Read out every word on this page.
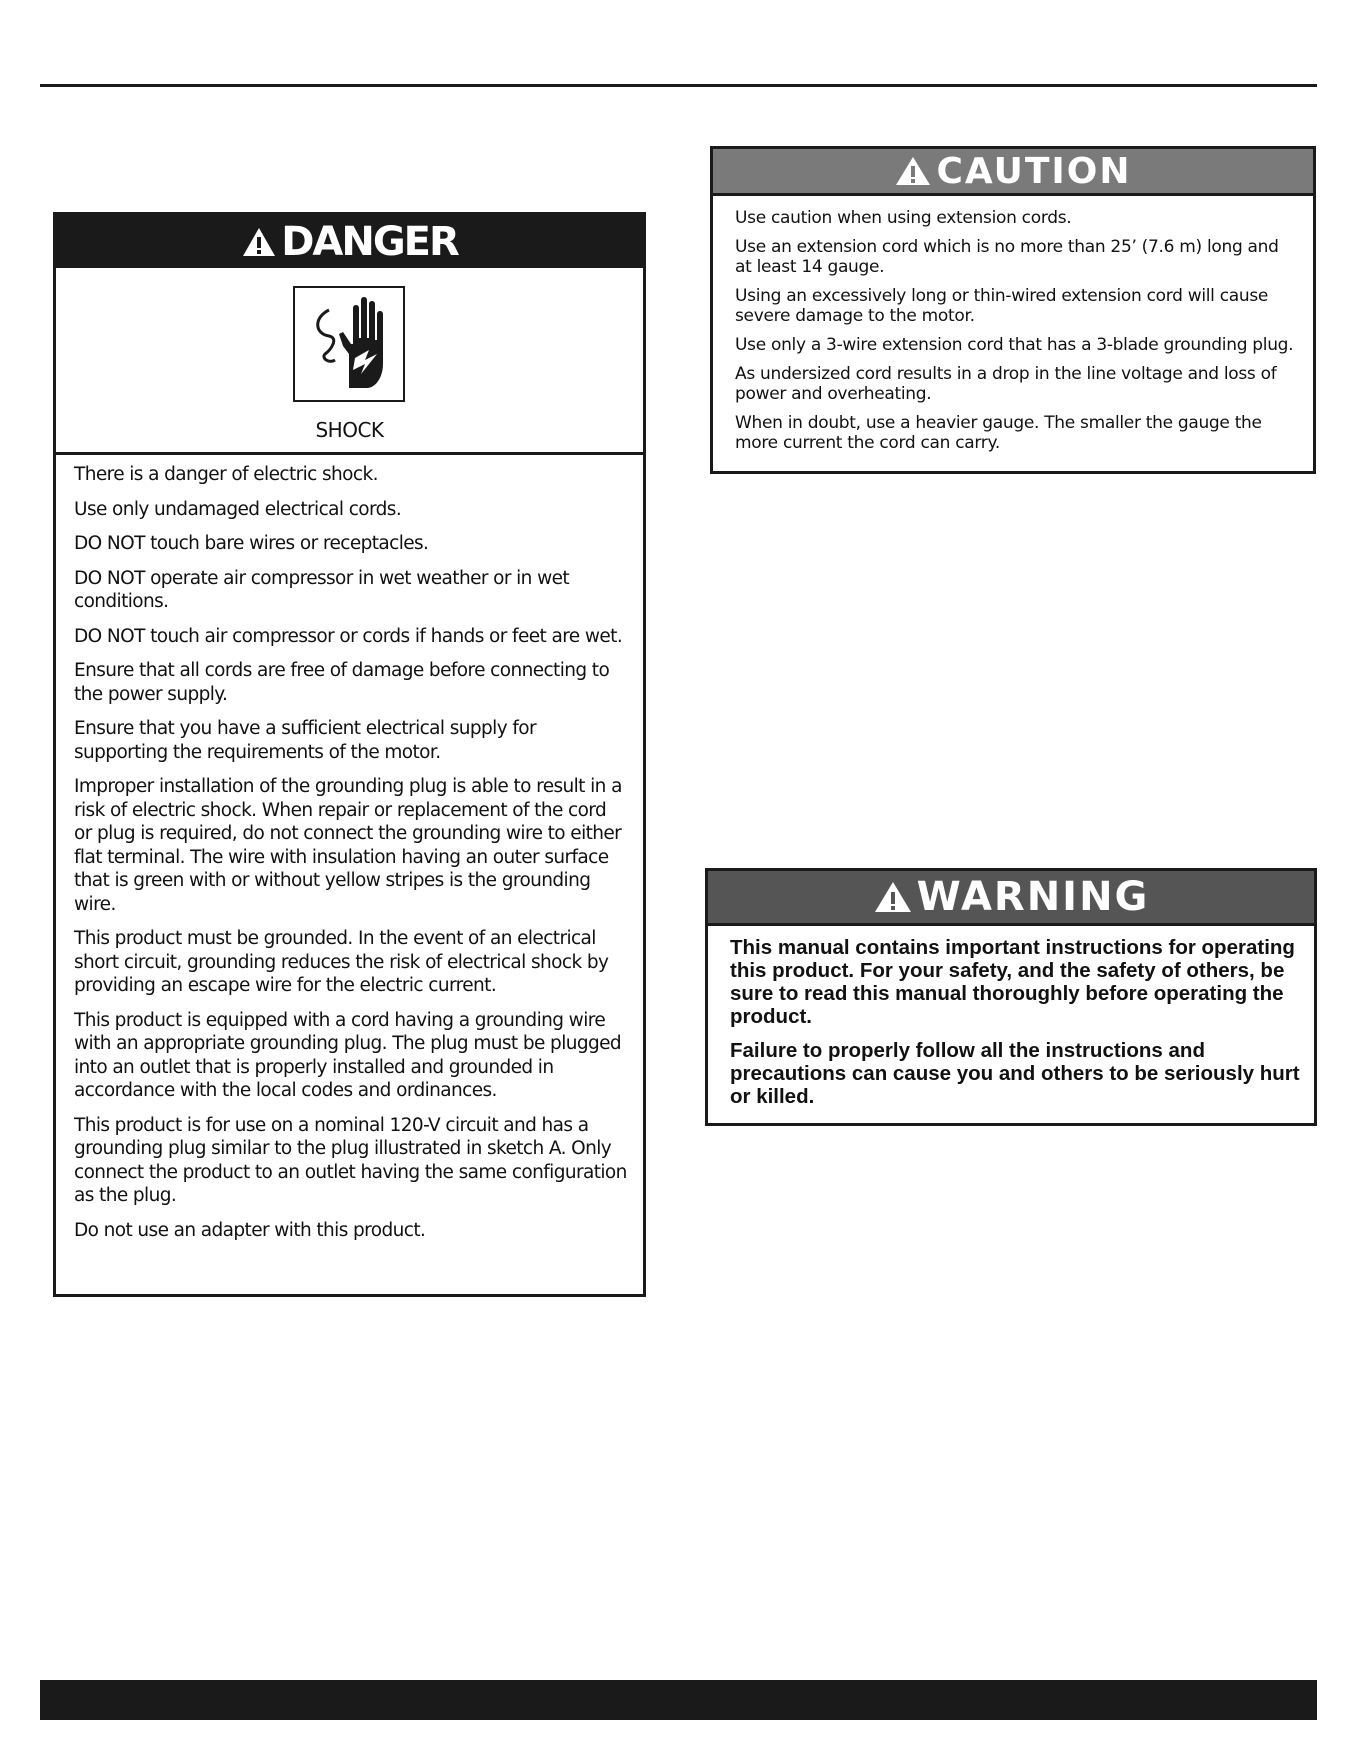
DANGER
SHOCK

There is a danger of electric shock.

Use only undamaged electrical cords.

DO NOT touch bare wires or receptacles.

DO NOT operate air compressor in wet weather or in wet conditions.

DO NOT touch air compressor or cords if hands or feet are wet.

Ensure that all cords are free of damage before connecting to the power supply.

Ensure that you have a sufficient electrical supply for supporting the requirements of the motor.

Improper installation of the grounding plug is able to result in a risk of electric shock. When repair or replacement of the cord or plug is required, do not connect the grounding wire to either flat terminal. The wire with insulation having an outer surface that is green with or without yellow stripes is the grounding wire.

This product must be grounded. In the event of an electrical short circuit, grounding reduces the risk of electrical shock by providing an escape wire for the electric current.

This product is equipped with a cord having a grounding wire with an appropriate grounding plug. The plug must be plugged into an outlet that is properly installed and grounded in accordance with the local codes and ordinances.

This product is for use on a nominal 120-V circuit and has a grounding plug similar to the plug illustrated in sketch A. Only connect the product to an outlet having the same configuration as the plug.

Do not use an adapter with this product.

CAUTION

Use caution when using extension cords.

Use an extension cord which is no more than 25’ (7.6 m) long and at least 14 gauge.

Using an excessively long or thin-wired extension cord will cause severe damage to the motor.

Use only a 3-wire extension cord that has a 3-blade grounding plug.

As undersized cord results in a drop in the line voltage and loss of power and overheating.

When in doubt, use a heavier gauge. The smaller the gauge the more current the cord can carry.

WARNING

This manual contains important instructions for operating this product. For your safety, and the safety of others, be sure to read this manual thoroughly before operating the product.

Failure to properly follow all the instructions and precautions can cause you and others to be seriously hurt or killed.
